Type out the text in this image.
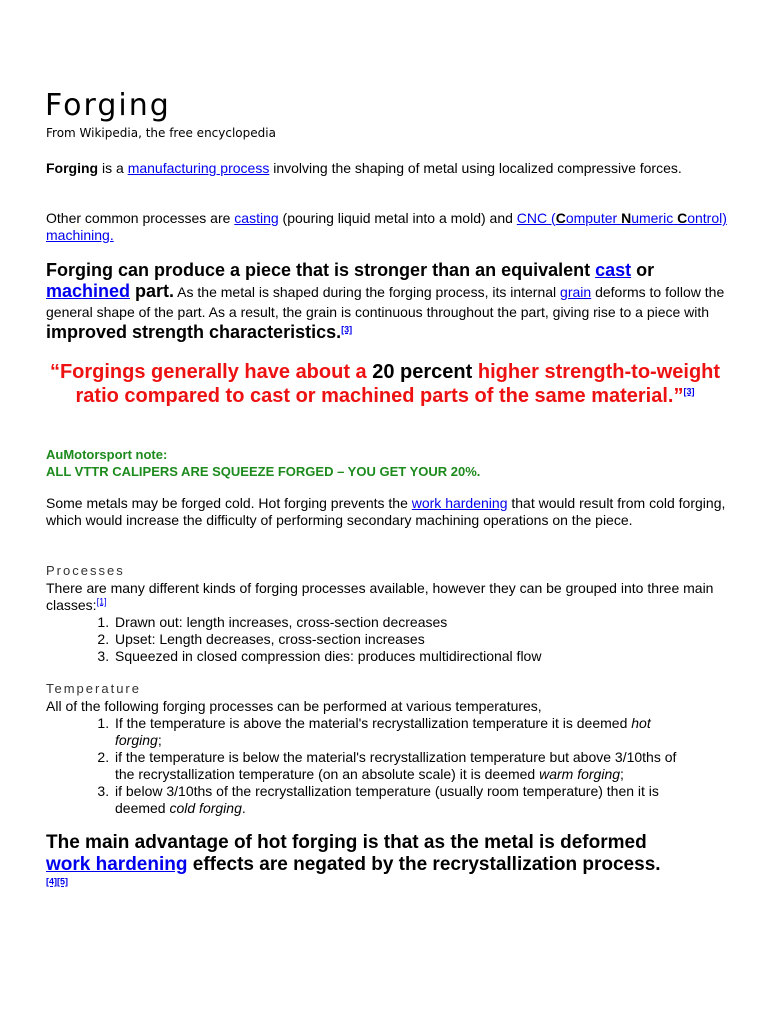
Forging
From Wikipedia, the free encyclopedia
Forging is a manufacturing process involving the shaping of metal using localized compressive forces.
Other common processes are casting (pouring liquid metal into a mold) and CNC (Computer Numeric Control) machining.
Forging can produce a piece that is stronger than an equivalent cast or machined part. As the metal is shaped during the forging process, its internal grain deforms to follow the general shape of the part. As a result, the grain is continuous throughout the part, giving rise to a piece with improved strength characteristics.[3]
“Forgings generally have about a 20 percent higher strength-to-weight ratio compared to cast or machined parts of the same material.”[3]
AuMotorsport note:
ALL VTTR CALIPERS ARE SQUEEZE FORGED – YOU GET YOUR 20%.
Some metals may be forged cold. Hot forging prevents the work hardening that would result from cold forging, which would increase the difficulty of performing secondary machining operations on the piece.
Processes
There are many different kinds of forging processes available, however they can be grouped into three main classes:[1]
1. Drawn out: length increases, cross-section decreases
2. Upset: Length decreases, cross-section increases
3. Squeezed in closed compression dies: produces multidirectional flow
Temperature
All of the following forging processes can be performed at various temperatures,
1. If the temperature is above the material's recrystallization temperature it is deemed hot forging;
2. if the temperature is below the material's recrystallization temperature but above 3/10ths of the recrystallization temperature (on an absolute scale) it is deemed warm forging;
3. if below 3/10ths of the recrystallization temperature (usually room temperature) then it is deemed cold forging.
The main advantage of hot forging is that as the metal is deformed work hardening effects are negated by the recrystallization process.[4][5]
